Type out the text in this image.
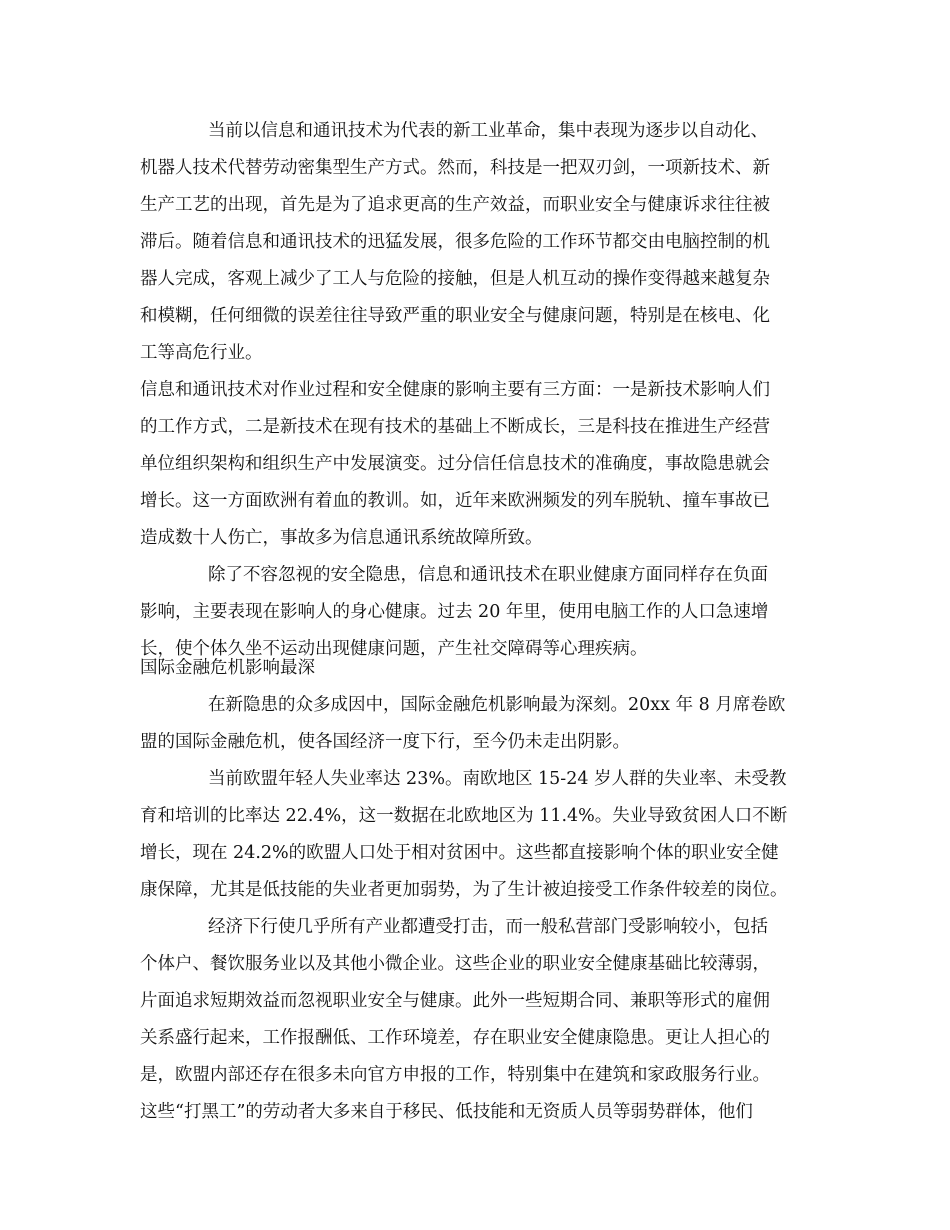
当前以信息和通讯技术为代表的新工业革命，集中表现为逐步以自动化、
机器人技术代替劳动密集型生产方式。然而，科技是一把双刃剑，一项新技术、新
生产工艺的出现，首先是为了追求更高的生产效益，而职业安全与健康诉求往往被
滞后。随着信息和通讯技术的迅猛发展，很多危险的工作环节都交由电脑控制的机
器人完成，客观上减少了工人与危险的接触，但是人机互动的操作变得越来越复杂
和模糊，任何细微的误差往往导致严重的职业安全与健康问题，特别是在核电、化
工等高危行业。

信息和通讯技术对作业过程和安全健康的影响主要有三方面：一是新技术影响人们
的工作方式，二是新技术在现有技术的基础上不断成长，三是科技在推进生产经营
单位组织架构和组织生产中发展演变。过分信任信息技术的准确度，事故隐患就会
增长。这一方面欧洲有着血的教训。如，近年来欧洲频发的列车脱轨、撞车事故已
造成数十人伤亡，事故多为信息通讯系统故障所致。

除了不容忽视的安全隐患，信息和通讯技术在职业健康方面同样存在负面
影响，主要表现在影响人的身心健康。过去 20 年里，使用电脑工作的人口急速增
长，使个体久坐不运动出现健康问题，产生社交障碍等心理疾病。

国际金融危机影响最深

在新隐患的众多成因中，国际金融危机影响最为深刻。20xx 年 8 月席卷欧
盟的国际金融危机，使各国经济一度下行，至今仍未走出阴影。

当前欧盟年轻人失业率达 23%。南欧地区 15-24 岁人群的失业率、未受教
育和培训的比率达 22.4%，这一数据在北欧地区为 11.4%。失业导致贫困人口不断
增长，现在 24.2%的欧盟人口处于相对贫困中。这些都直接影响个体的职业安全健
康保障，尤其是低技能的失业者更加弱势，为了生计被迫接受工作条件较差的岗位。

经济下行使几乎所有产业都遭受打击，而一般私营部门受影响较小，包括
个体户、餐饮服务业以及其他小微企业。这些企业的职业安全健康基础比较薄弱，
片面追求短期效益而忽视职业安全与健康。此外一些短期合同、兼职等形式的雇佣
关系盛行起来，工作报酬低、工作环境差，存在职业安全健康隐患。更让人担心的
是，欧盟内部还存在很多未向官方申报的工作，特别集中在建筑和家政服务行业。
这些“打黑工”的劳动者大多来自于移民、低技能和无资质人员等弱势群体，他们
